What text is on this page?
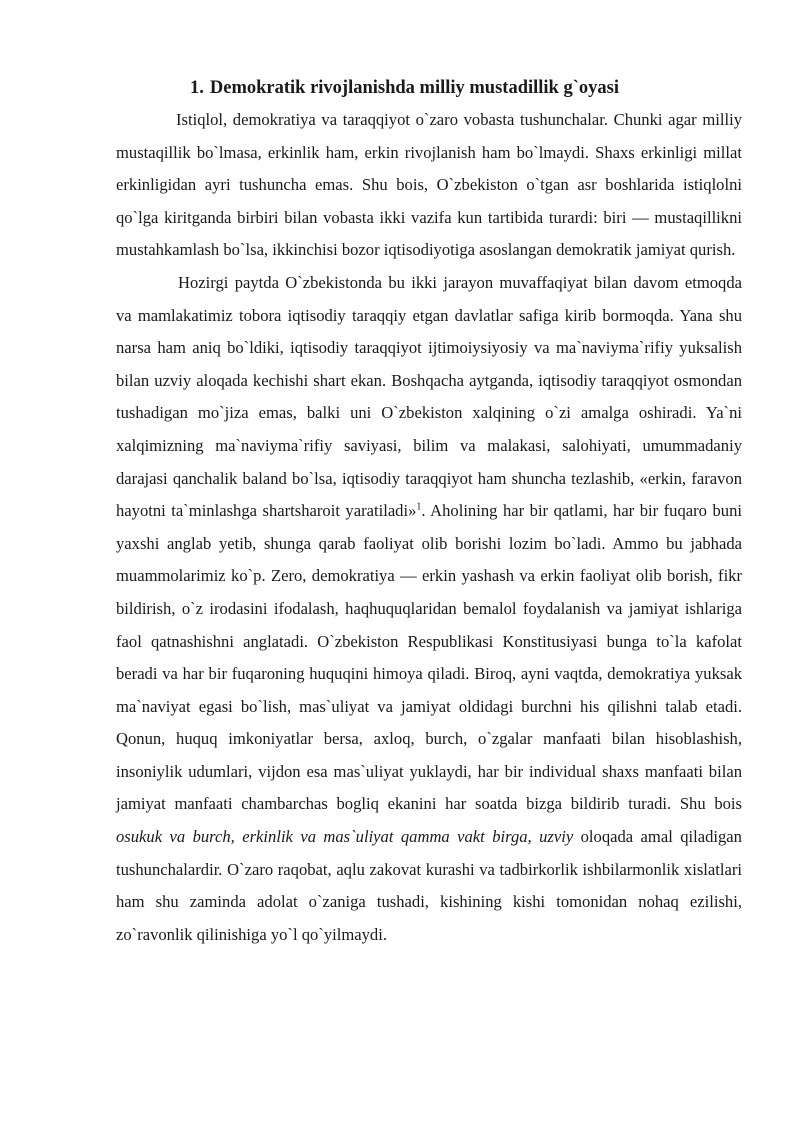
1. Demokratik rivojlanishda milliy mustadillik g`oyasi

Istiqlol, demokratiya va taraqqiyot o`zaro vobasta tushunchalar. Chunki agar milliy mustaqillik bo`lmasa, erkinlik ham, erkin rivojlanish ham bo`lmaydi. Shaxs erkinligi millat erkinligidan ayri tushuncha emas. Shu bois, O`zbekiston o`tgan asr boshlarida istiqlolni qo`lga kiritganda birbiri bilan vobasta ikki vazifa kun tartibida turardi: biri — mustaqillikni mustahkamlash bo`lsa, ikkinchisi bozor iqtisodiyotiga asoslangan demokratik jamiyat qurish.

Hozirgi paytda O`zbekistonda bu ikki jarayon muvaffaqiyat bilan davom etmoqda va mamlakatimiz tobora iqtisodiy taraqqiy etgan davlatlar safiga kirib bormoqda. Yana shu narsa ham aniq bo`ldiki, iqtisodiy taraqqiyot ijtimoiysiyosiy va ma`naviyma`rifiy yuksalish bilan uzviy aloqada kechishi shart ekan. Boshqacha aytganda, iqtisodiy taraqqiyot osmondan tushadigan mo`jiza emas, balki uni O`zbekiston xalqining o`zi amalga oshiradi. Ya`ni xalqimizning ma`naviyma`rifiy saviyasi, bilim va malakasi, salohiyati, umummadaniy darajasi qanchalik baland bo`lsa, iqtisodiy taraqqiyot ham shuncha tezlashib, «erkin, faravon hayotni ta`minlashga shartsharoit yaratiladi»$^1$. Aholining har bir qatlami, har bir fuqaro buni yaxshi anglab yetib, shunga qarab faoliyat olib borishi lozim bo`ladi. Ammo bu jabhada muammolarimiz ko`p. Zero, demokratiya — erkin yashash va erkin faoliyat olib borish, fikr bildirish, o`z irodasini ifodalash, haqhuquqlaridan bemalol foydalanish va jamiyat ishlariga faol qatnashishni anglatadi. O`zbekiston Respublikasi Konstitusiyasi bunga to`la kafolat beradi va har bir fuqaroning huquqini himoya qiladi. Biroq, ayni vaqtda, demokratiya yuksak ma`naviyat egasi bo`lish, mas`uliyat va jamiyat oldidagi burchni his qilishni talab etadi. Qonun, huquq imkoniyatlar bersa, axloq, burch, o`zgalar manfaati bilan hisoblashish, insoniylik udumlari, vijdon esa mas`uliyat yuklaydi, har bir individual shaxs manfaati bilan jamiyat manfaati chambarchas bogliq ekanini har soatda bizga bildirib turadi. Shu bois osukuk va burch, erkinlik va mas`uliyat qamma vakt birga, uzviy oloqada amal qiladigan tushunchalardir. O`zaro raqobat, aqlu zakovat kurashi va tadbirkorlik ishbilarmonlik xislatlari ham shu zaminda adolat o`zaniga tushadi, kishining kishi tomonidan nohaq ezilishi, zo`ravonlik qilinishiga yo`l qo`yilmaydi.
